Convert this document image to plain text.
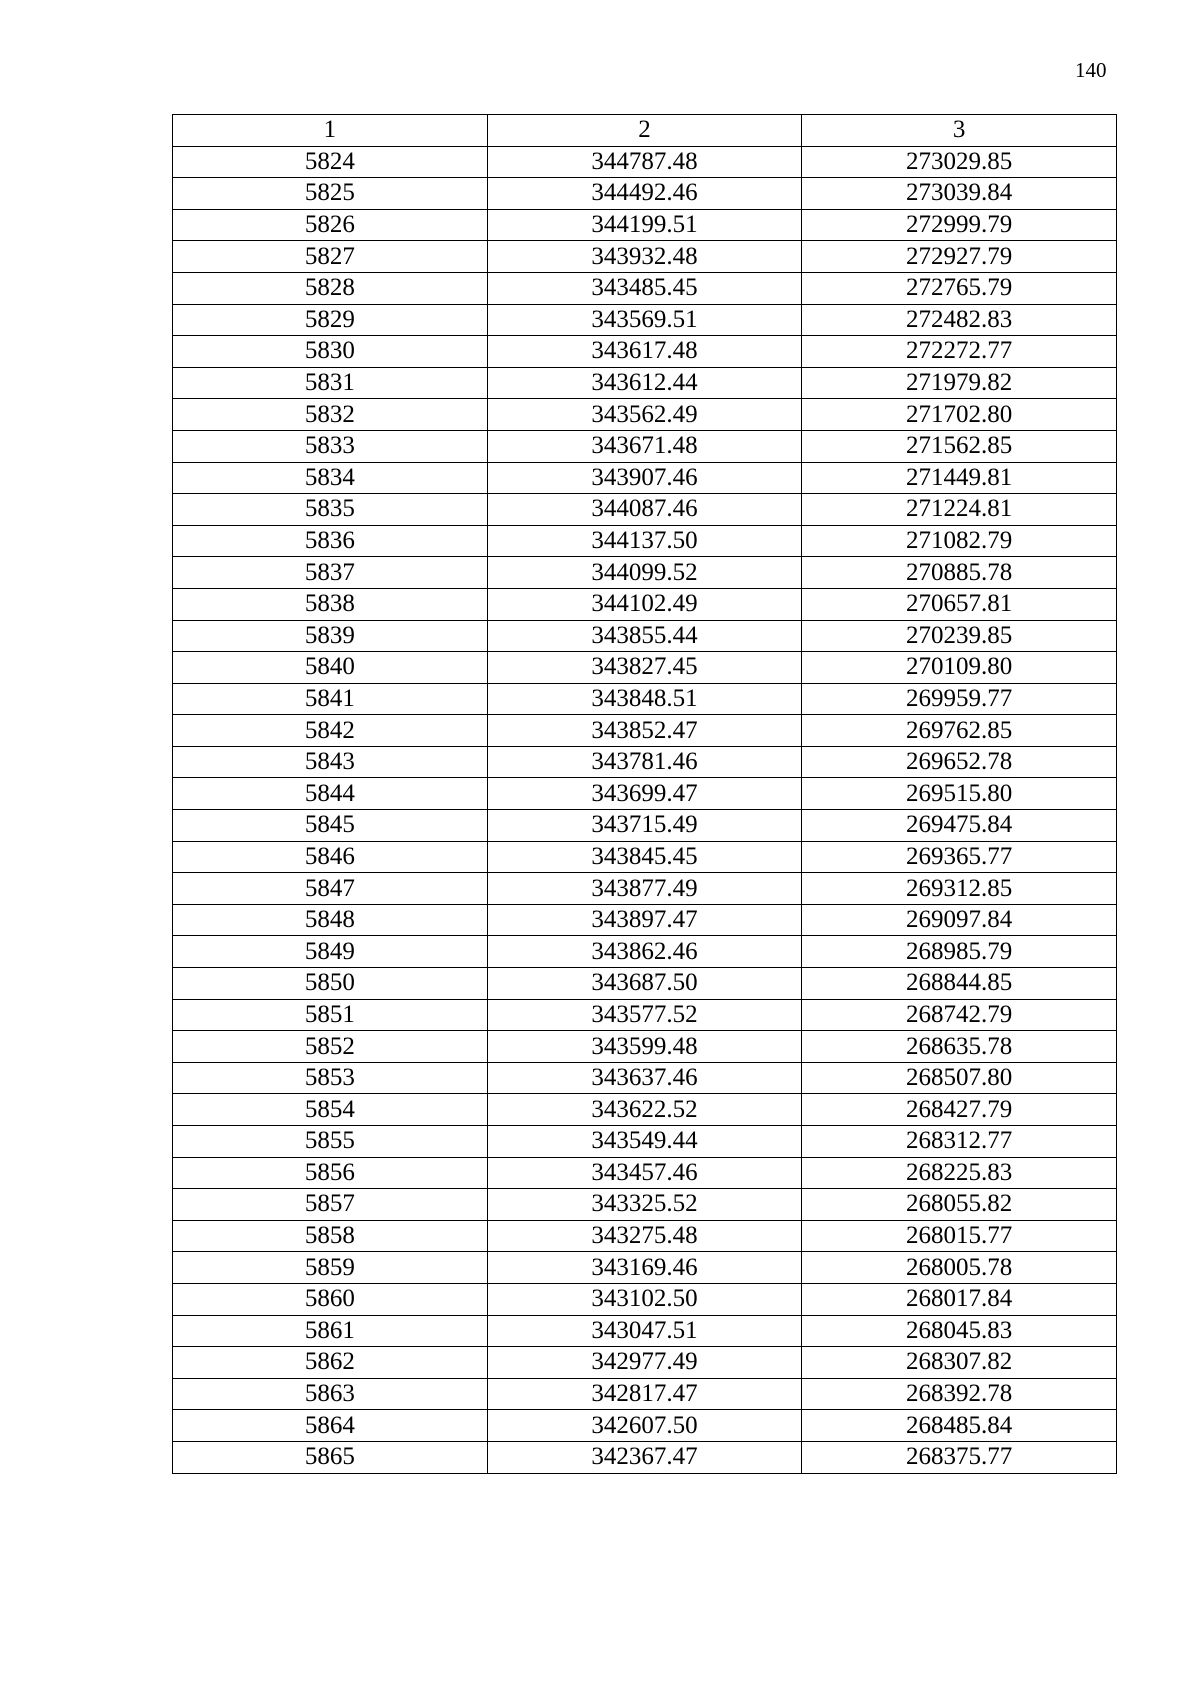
140
1	2	3
5824	344787.48	273029.85
5825	344492.46	273039.84
5826	344199.51	272999.79
5827	343932.48	272927.79
5828	343485.45	272765.79
5829	343569.51	272482.83
5830	343617.48	272272.77
5831	343612.44	271979.82
5832	343562.49	271702.80
5833	343671.48	271562.85
5834	343907.46	271449.81
5835	344087.46	271224.81
5836	344137.50	271082.79
5837	344099.52	270885.78
5838	344102.49	270657.81
5839	343855.44	270239.85
5840	343827.45	270109.80
5841	343848.51	269959.77
5842	343852.47	269762.85
5843	343781.46	269652.78
5844	343699.47	269515.80
5845	343715.49	269475.84
5846	343845.45	269365.77
5847	343877.49	269312.85
5848	343897.47	269097.84
5849	343862.46	268985.79
5850	343687.50	268844.85
5851	343577.52	268742.79
5852	343599.48	268635.78
5853	343637.46	268507.80
5854	343622.52	268427.79
5855	343549.44	268312.77
5856	343457.46	268225.83
5857	343325.52	268055.82
5858	343275.48	268015.77
5859	343169.46	268005.78
5860	343102.50	268017.84
5861	343047.51	268045.83
5862	342977.49	268307.82
5863	342817.47	268392.78
5864	342607.50	268485.84
5865	342367.47	268375.77
